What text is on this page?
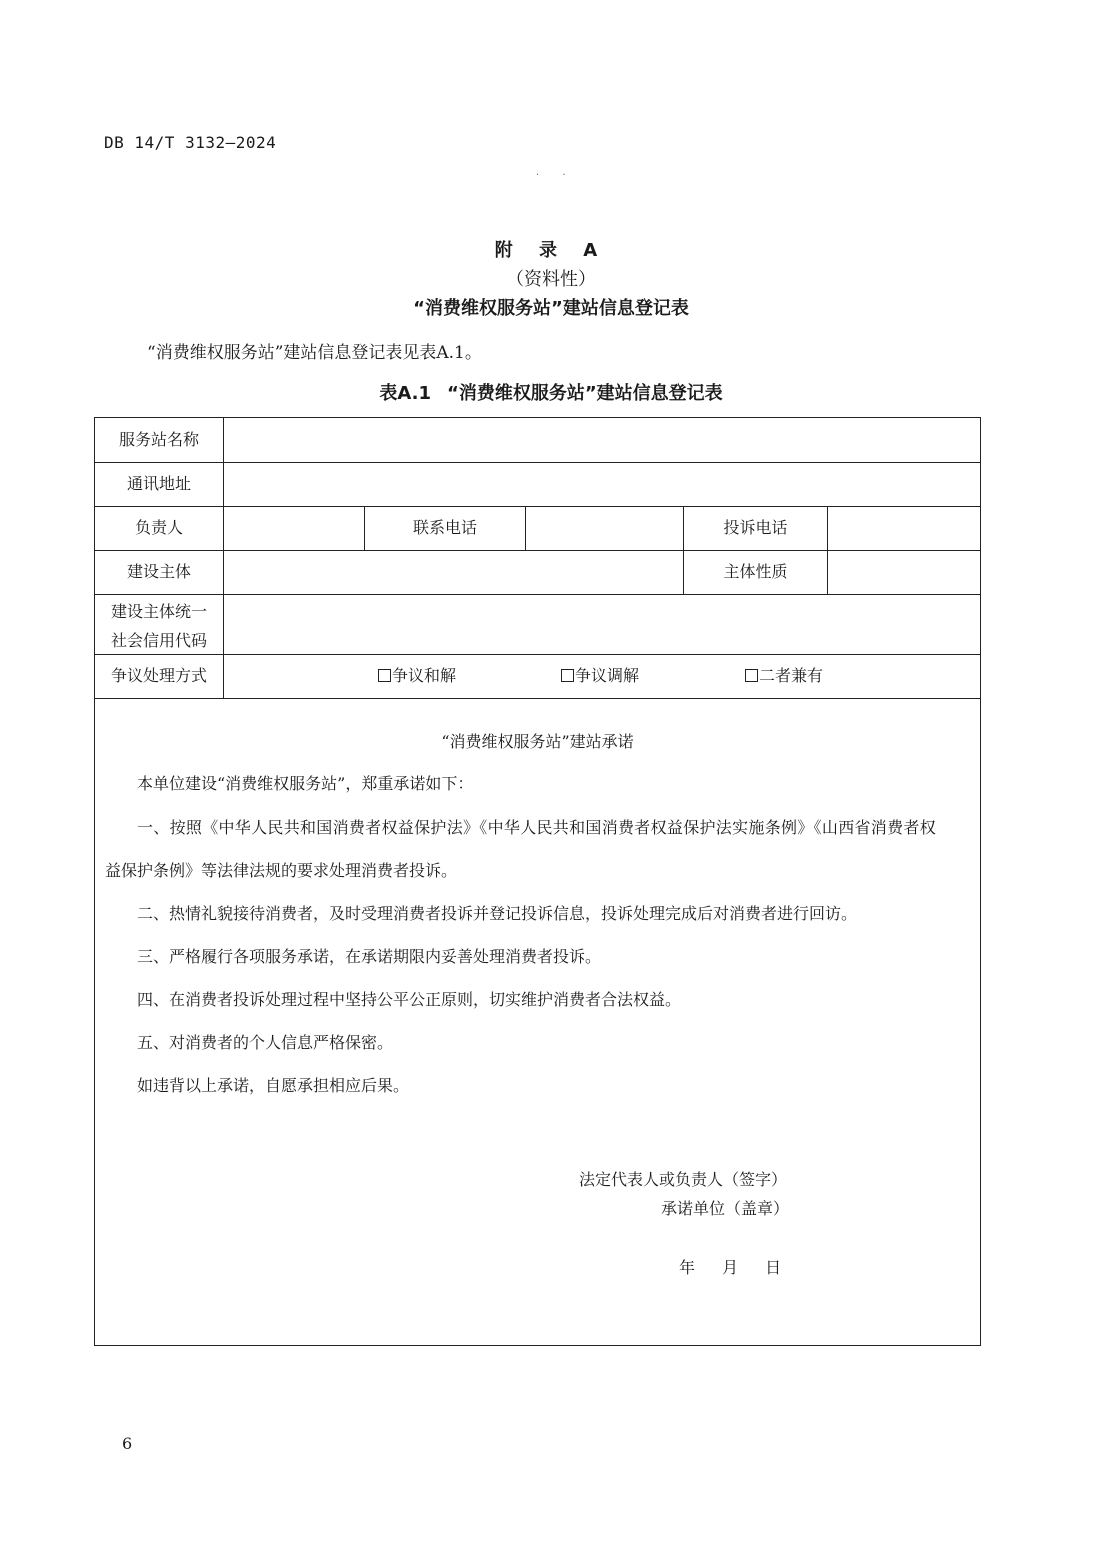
DB 14/T 3132—2024
· ·
附 录 A
（资料性）
“消费维权服务站”建站信息登记表
“消费维权服务站”建站信息登记表见表A.1。
表A.1 “消费维权服务站”建站信息登记表
服务站名称
通讯地址
负责人	联系电话	投诉电话
建设主体	主体性质
建设主体统一
社会信用代码
争议处理方式	争议和解	争议调解	二者兼有
“消费维权服务站”建站承诺
本单位建设“消费维权服务站”，郑重承诺如下：
一、按照《中华人民共和国消费者权益保护法》《中华人民共和国消费者权益保护法实施条例》《山西省消费者权
益保护条例》等法律法规的要求处理消费者投诉。
二、热情礼貌接待消费者，及时受理消费者投诉并登记投诉信息，投诉处理完成后对消费者进行回访。
三、严格履行各项服务承诺，在承诺期限内妥善处理消费者投诉。
四、在消费者投诉处理过程中坚持公平公正原则，切实维护消费者合法权益。
五、对消费者的个人信息严格保密。
如违背以上承诺，自愿承担相应后果。
法定代表人或负责人（签字）
承诺单位（盖章）
年 月 日
6
